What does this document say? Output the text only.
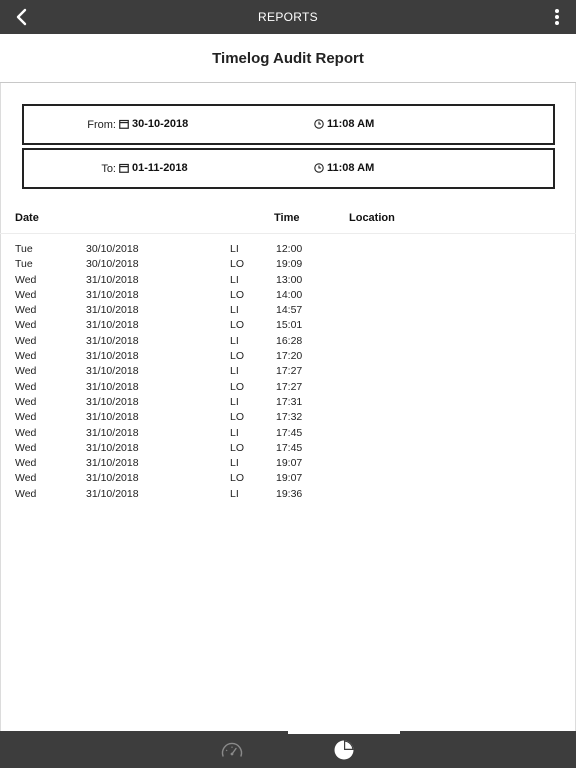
REPORTS
Timelog Audit Report
From: 30-10-2018	11:08 AM
To: 01-11-2018	11:08 AM
Date	Time	Location
Tue	30/10/2018	LI	12:00
Tue	30/10/2018	LO	19:09
Wed	31/10/2018	LI	13:00
Wed	31/10/2018	LO	14:00
Wed	31/10/2018	LI	14:57
Wed	31/10/2018	LO	15:01
Wed	31/10/2018	LI	16:28
Wed	31/10/2018	LO	17:20
Wed	31/10/2018	LI	17:27
Wed	31/10/2018	LO	17:27
Wed	31/10/2018	LI	17:31
Wed	31/10/2018	LO	17:32
Wed	31/10/2018	LI	17:45
Wed	31/10/2018	LO	17:45
Wed	31/10/2018	LI	19:07
Wed	31/10/2018	LO	19:07
Wed	31/10/2018	LI	19:36
